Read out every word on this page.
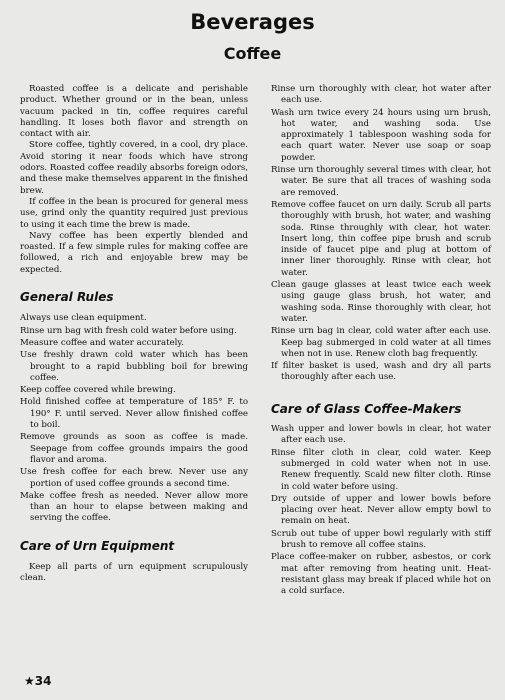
Beverages
Coffee

Roasted coffee is a delicate and perishable product. Whether ground or in the bean, unless vacuum packed in tin, coffee requires careful handling. It loses both flavor and strength on contact with air.

Store coffee, tightly covered, in a cool, dry place. Avoid storing it near foods which have strong odors. Roasted coffee readily absorbs foreign odors, and these make themselves apparent in the finished brew.

If coffee in the bean is procured for general mess use, grind only the quantity required just previous to using it each time the brew is made.

Navy coffee has been expertly blended and roasted. If a few simple rules for making coffee are followed, a rich and enjoyable brew may be expected.

General Rules

Always use clean equipment.

Rinse urn bag with fresh cold water before using.

Measure coffee and water accurately.

Use freshly drawn cold water which has been brought to a rapid bubbling boil for brewing coffee.

Keep coffee covered while brewing.

Hold finished coffee at temperature of 185° F. to 190° F. until served. Never allow finished coffee to boil.

Remove grounds as soon as coffee is made. Seepage from coffee grounds impairs the good flavor and aroma.

Use fresh coffee for each brew. Never use any portion of used coffee grounds a second time.

Make coffee fresh as needed. Never allow more than an hour to elapse between making and serving the coffee.

Care of Urn Equipment

Keep all parts of urn equipment scrupulously clean.

Rinse urn thoroughly with clear, hot water after each use.

Wash urn twice every 24 hours using urn brush, hot water, and washing soda. Use approximately 1 tablespoon washing soda for each quart water. Never use soap or soap powder.

Rinse urn thoroughly several times with clear, hot water. Be sure that all traces of washing soda are removed.

Remove coffee faucet on urn daily. Scrub all parts thoroughly with brush, hot water, and washing soda. Rinse throughly with clear, hot water. Insert long, thin coffee pipe brush and scrub inside of faucet pipe and plug at bottom of inner liner thoroughly. Rinse with clear, hot water.

Clean gauge glasses at least twice each week using gauge glass brush, hot water, and washing soda. Rinse thoroughly with clear, hot water.

Rinse urn bag in clear, cold water after each use. Keep bag submerged in cold water at all times when not in use. Renew cloth bag frequently.

If filter basket is used, wash and dry all parts thoroughly after each use.

Care of Glass Coffee-Makers

Wash upper and lower bowls in clear, hot water after each use.

Rinse filter cloth in clear, cold water. Keep submerged in cold water when not in use. Renew frequently. Scald new filter cloth. Rinse in cold water before using.

Dry outside of upper and lower bowls before placing over heat. Never allow empty bowl to remain on heat.

Scrub out tube of upper bowl regularly with stiff brush to remove all coffee stains.

Place coffee-maker on rubber, asbestos, or cork mat after removing from heating unit. Heat-resistant glass may break if placed while hot on a cold surface.

★34
